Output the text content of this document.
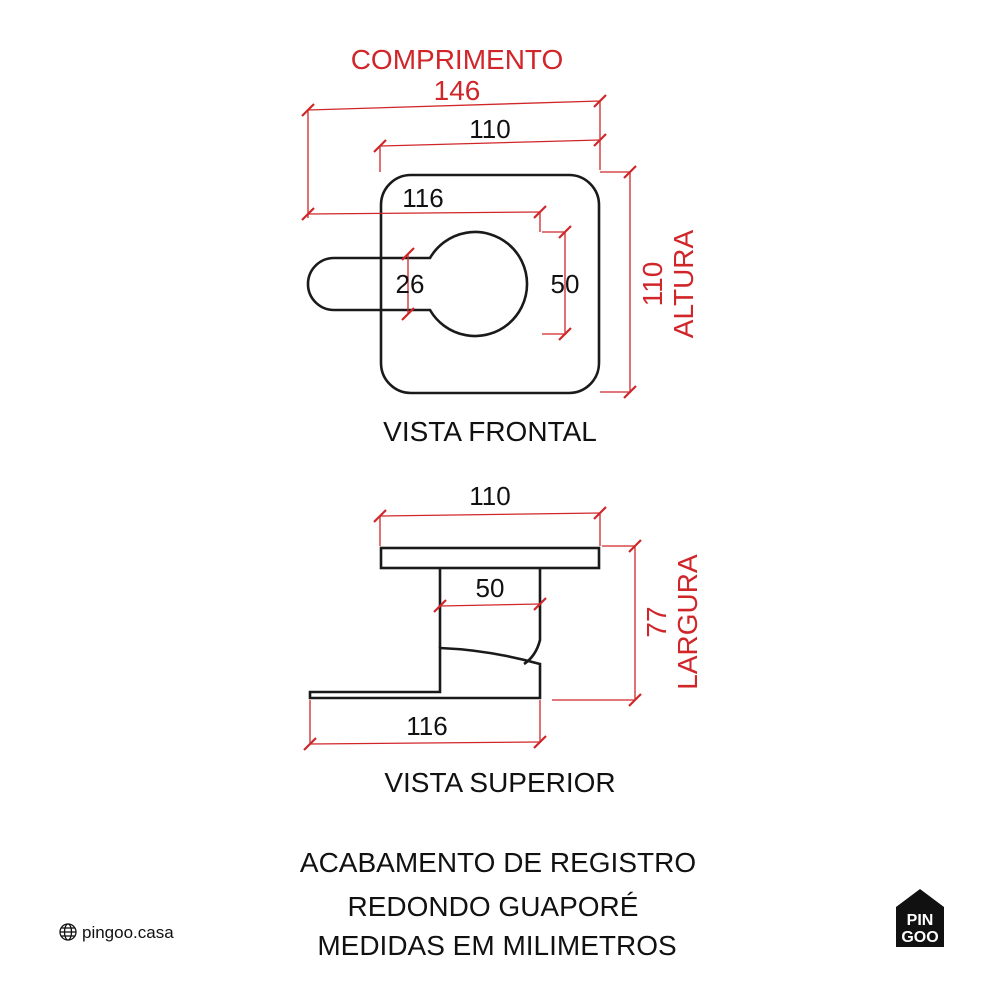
COMPRIMENTO
146
110
116
26	50 110 ALTURA
VISTA FRONTAL
110
50
116
77 LARGURA
VISTA SUPERIOR
ACABAMENTO DE REGISTRO
REDONDO GUAPORÉ
MEDIDAS EM MILIMETROS
pingoo.casa
PIN
GOO
